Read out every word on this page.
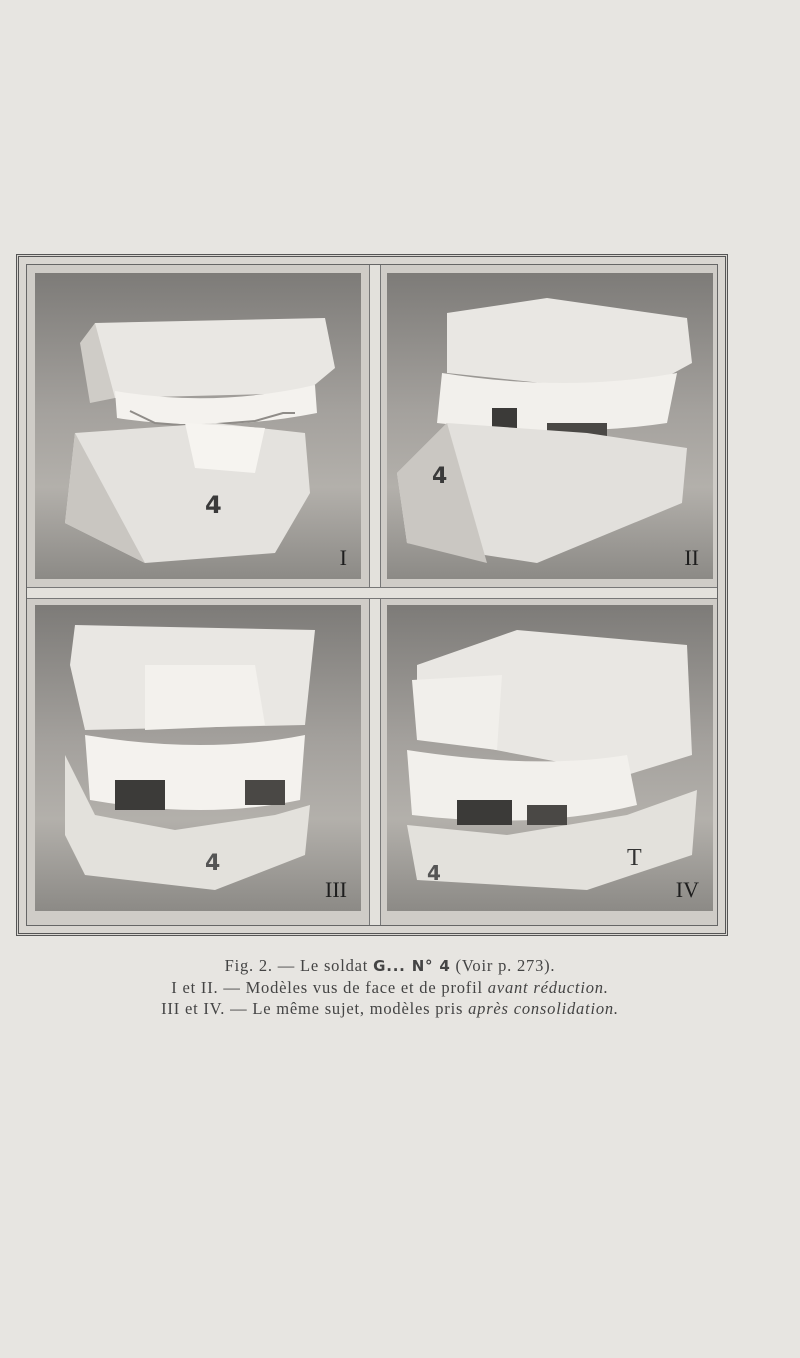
4
I
4
II
4
III
4
T
IV
Fig. 2. — Le soldat G... N° 4 (Voir p. 273).
I et II. — Modèles vus de face et de profil avant réduction.
III et IV. — Le même sujet, modèles pris après consolidation.
